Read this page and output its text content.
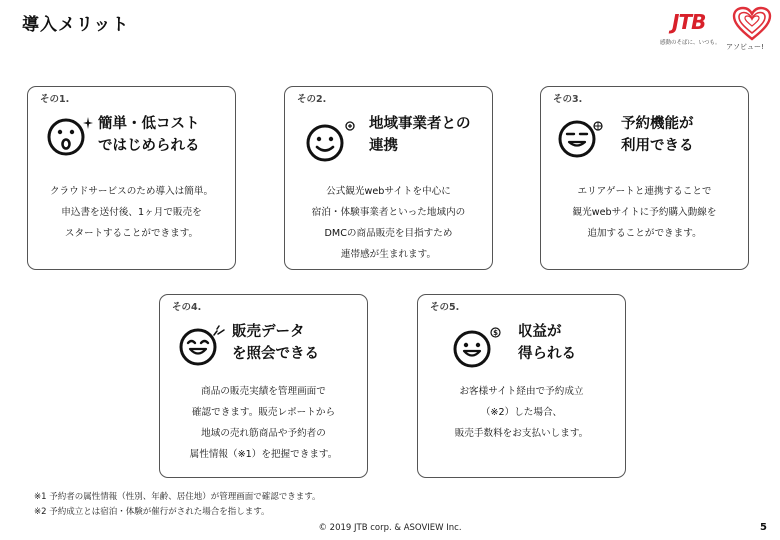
導入メリット	JTB
感動のそばに、いつも。 アソビュー!
その1.
簡単・低コスト
ではじめられる
クラウドサービスのため導入は簡単。
申込書を送付後、1ヶ月で販売を
スタートすることができます。
その2.
地域事業者との
連携
公式観光webサイトを中心に
宿泊・体験事業者といった地域内の
DMCの商品販売を目指すため
連帯感が生まれます。
その3.
予約機能が
利用できる
エリアゲートと連携することで
観光webサイトに予約購入動線を
追加することができます。
その4.
販売データ
を照会できる
商品の販売実績を管理画面で
確認できます。販売レポートから
地域の売れ筋商品や予約者の
属性情報（※1）を把握できます。
その5.
$ 収益が
得られる
お客様サイト経由で予約成立
（※2）した場合、
販売手数料をお支払いします。
※1 予約者の属性情報（性別、年齢、居住地）が管理画面で確認できます。
※2 予約成立とは宿泊・体験が催行がされた場合を指します。
© 2019 JTB corp. & ASOVIEW Inc.	5
